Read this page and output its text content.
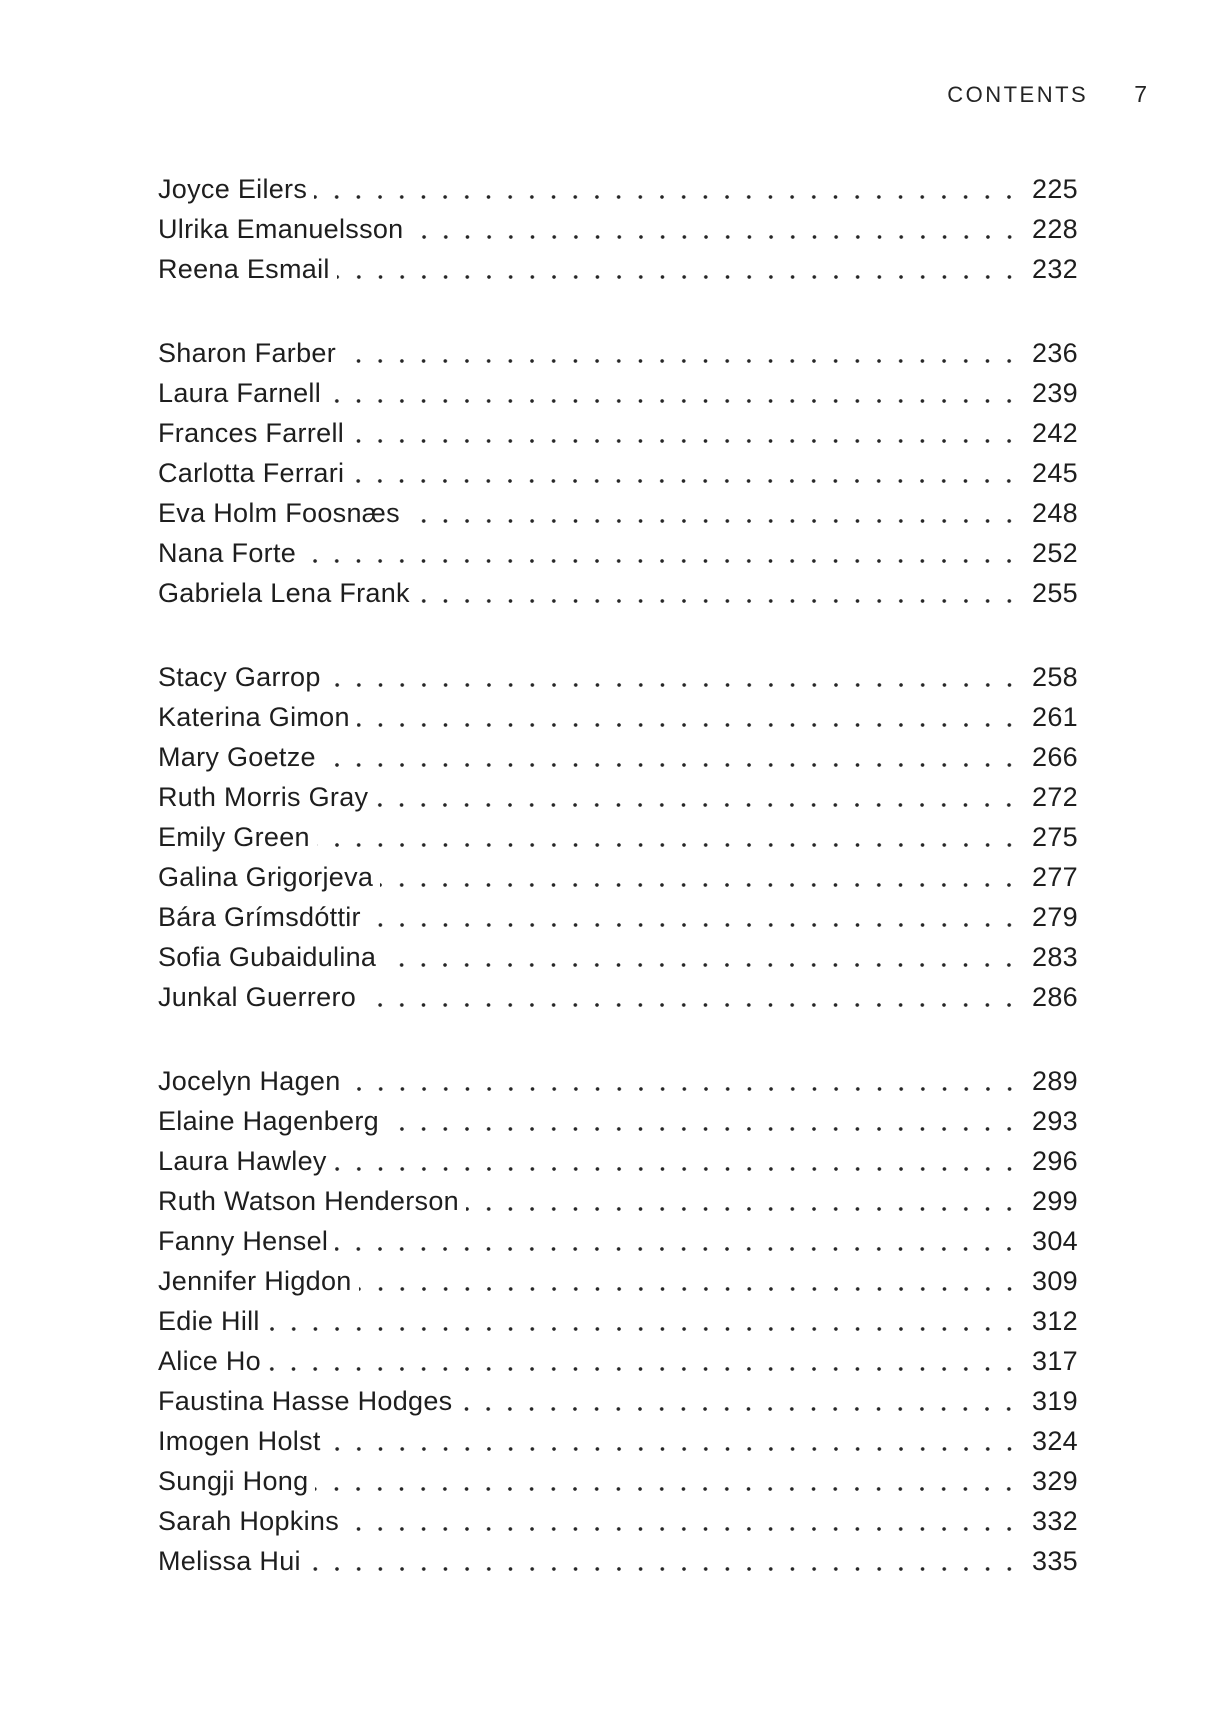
CONTENTS 7
Joyce Eilers	225
Ulrika Emanuelsson	228
Reena Esmail	232
Sharon Farber	236
Laura Farnell	239
Frances Farrell	242
Carlotta Ferrari	245
Eva Holm Foosnæs	248
Nana Forte	252
Gabriela Lena Frank	255
Stacy Garrop	258
Katerina Gimon	261
Mary Goetze	266
Ruth Morris Gray	272
Emily Green	275
Galina Grigorjeva	277
Bára Grímsdóttir	279
Sofia Gubaidulina	283
Junkal Guerrero	286
Jocelyn Hagen	289
Elaine Hagenberg	293
Laura Hawley	296
Ruth Watson Henderson	299
Fanny Hensel	304
Jennifer Higdon	309
Edie Hill	312
Alice Ho	317
Faustina Hasse Hodges	319
Imogen Holst	324
Sungji Hong	329
Sarah Hopkins	332
Melissa Hui	335
